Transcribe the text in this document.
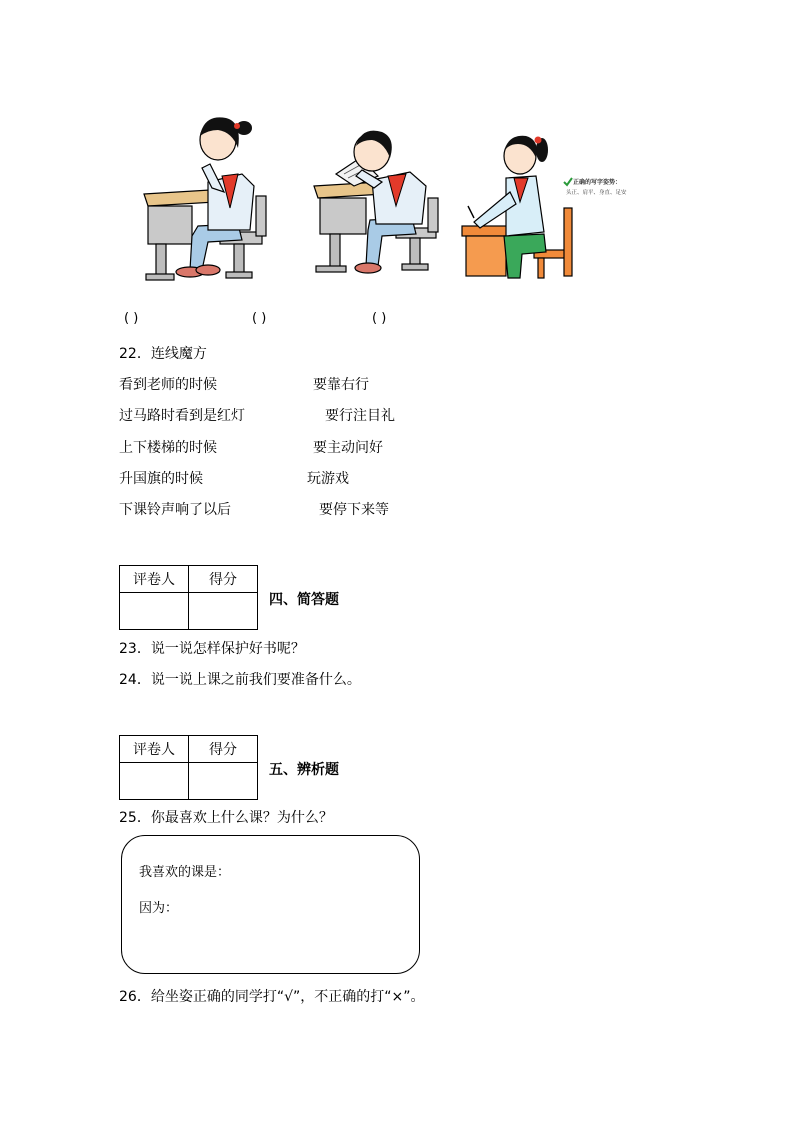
正确的写字姿势：
头正、肩平、身直、足安
( )	( )	( )
22．连线魔方
看到老师的时候
过马路时看到是红灯
上下楼梯的时候
升国旗的时候
下课铃声响了以后
要靠右行
要行注目礼
要主动问好
玩游戏
要停下来等
评卷人	得分

四、简答题
23．说一说怎样保护好书呢？
24．说一说上课之前我们要准备什么。
评卷人	得分

五、辨析题
25．你最喜欢上什么课？为什么？
我喜欢的课是：
因为：
26．给坐姿正确的同学打“√”，不正确的打“×”。
